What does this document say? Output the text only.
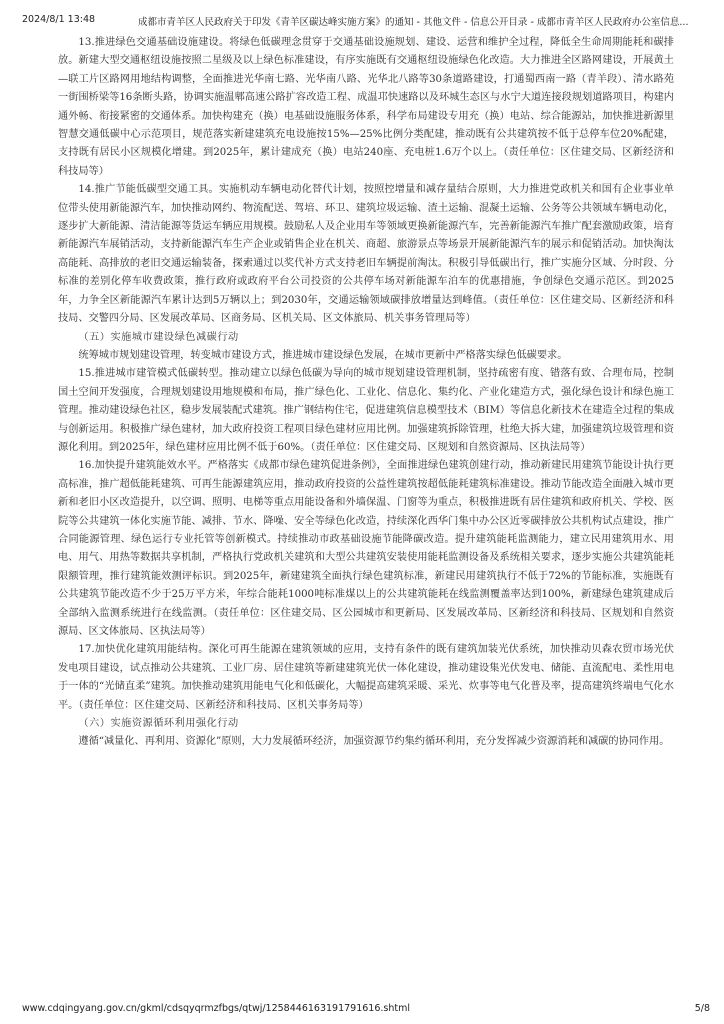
2024/8/1 13:48	成都市青羊区人民政府关于印发《青羊区碳达峰实施方案》的通知 - 其他文件 - 信息公开目录 - 成都市青羊区人民政府办公室信息...

13.推进绿色交通基础设施建设。将绿色低碳理念贯穿于交通基础设施规划、建设、运营和维护全过程，降低全生命周期能耗和碳排放。新建大型交通枢纽设施按照二星级及以上绿色标准建设，有序实施既有交通枢纽设施绿色化改造。大力推进全区路网建设，开展黄土—联工片区路网用地结构调整，全面推进光华南七路、光华南八路、光华北八路等30条道路建设，打通蜀西南一路（青羊段）、清水路苑一街围桥梁等16条断头路，协调实施温郫高速公路扩容改造工程、成温邛快速路以及环城生态区与水宁大道连接段规划道路项目，构建内通外畅、衔接紧密的交通体系。加快构建充（换）电基础设施服务体系，科学布局建设专用充（换）电站、综合能源站，加快推进新源里智慧交通低碳中心示范项目，规范落实新建建筑充电设施按15%—25%比例分类配建，推动既有公共建筑按不低于总停车位20%配建，支持既有居民小区规模化增建。到2025年，累计建成充（换）电站240座、充电桩1.6万个以上。（责任单位：区住建交局、区新经济和科技局等）

14.推广节能低碳型交通工具。实施机动车辆电动化替代计划，按照控增量和减存量结合原则，大力推进党政机关和国有企业事业单位带头使用新能源汽车，加快推动网约、物流配送、驾培、环卫、建筑垃圾运输、渣土运输、混凝土运输、公务等公共领域车辆电动化，逐步扩大新能源、清洁能源等货运车辆应用规模。鼓励私人及企业用车等领域更换新能源汽车，完善新能源汽车推广配套激励政策，培育新能源汽车展销活动，支持新能源汽车生产企业或销售企业在机关、商超、旅游景点等场景开展新能源汽车的展示和促销活动。加快淘汰高能耗、高排放的老旧交通运输装备，探索通过以奖代补方式支持老旧车辆提前淘汰。积极引导低碳出行，推广实施分区域、分时段、分标准的差别化停车收费政策，推行政府或政府平台公司投资的公共停车场对新能源车泊车的优惠措施，争创绿色交通示范区。到2025年，力争全区新能源汽车累计达到5万辆以上；到2030年，交通运输领域碳排放增量达到峰值。（责任单位：区住建交局、区新经济和科技局、交警四分局、区发展改革局、区商务局、区机关局、区文体旅局、机关事务管理局等）

（五）实施城市建设绿色减碳行动

统筹城市规划建设管理，转变城市建设方式，推进城市建设绿色发展，在城市更新中严格落实绿色低碳要求。

15.推进城市建管模式低碳转型。推动建立以绿色低碳为导向的城市规划建设管理机制，坚持疏密有度、错落有致、合理布局，控制国土空间开发强度，合理规划建设用地规模和布局，推广绿色化、工业化、信息化、集约化、产业化建造方式，强化绿色设计和绿色施工管理。推动建设绿色社区，稳步发展装配式建筑。推广钢结构住宅，促进建筑信息模型技术（BIM）等信息化新技术在建造全过程的集成与创新运用。积极推广绿色建材，加大政府投资工程项目绿色建材应用比例。加强建筑拆除管理，杜绝大拆大建，加强建筑垃圾管理和资源化利用。到2025年，绿色建材应用比例不低于60%。（责任单位：区住建交局、区规划和自然资源局、区执法局等）

16.加快提升建筑能效水平。严格落实《成都市绿色建筑促进条例》，全面推进绿色建筑创建行动，推动新建民用建筑节能设计执行更高标准，推广超低能耗建筑、可再生能源建筑应用，推动政府投资的公益性建筑按超低能耗建筑标准建设。推动节能改造全面融入城市更新和老旧小区改造提升，以空调、照明、电梯等重点用能设备和外墙保温、门窗等为重点，积极推进既有居住建筑和政府机关、学校、医院等公共建筑一体化实施节能、减排、节水、降噪、安全等绿色化改造，持续深化西华门集中办公区近零碳排放公共机构试点建设，推广合同能源管理、绿色运行专业托管等创新模式。持续推动市政基础设施节能降碳改造。提升建筑能耗监测能力，建立民用建筑用水、用电、用气、用热等数据共享机制，严格执行党政机关建筑和大型公共建筑安装使用能耗监测设备及系统相关要求，逐步实施公共建筑能耗限额管理，推行建筑能效测评标识。到2025年，新建建筑全面执行绿色建筑标准，新建民用建筑执行不低于72%的节能标准，实施既有公共建筑节能改造不少于25万平方米，年综合能耗1000吨标准煤以上的公共建筑能耗在线监测覆盖率达到100%，新建绿色建筑建成后全部纳入监测系统进行在线监测。（责任单位：区住建交局、区公园城市和更新局、区发展改革局、区新经济和科技局、区规划和自然资源局、区文体旅局、区执法局等）

17.加快优化建筑用能结构。深化可再生能源在建筑领域的应用，支持有条件的既有建筑加装光伏系统，加快推动贝森农贸市场光伏发电项目建设，试点推动公共建筑、工业厂房、居住建筑等新建建筑光伏一体化建设，推动建设集光伏发电、储能、直流配电、柔性用电于一体的“光储直柔”建筑。加快推动建筑用能电气化和低碳化，大幅提高建筑采暖、采光、炊事等电气化普及率，提高建筑终端电气化水平。（责任单位：区住建交局、区新经济和科技局、区机关事务局等）

（六）实施资源循环利用强化行动

遵循“减量化、再利用、资源化”原则，大力发展循环经济，加强资源节约集约循环利用，充分发挥减少资源消耗和减碳的协同作用。

www.cdqingyang.gov.cn/gkml/cdsqyqrmzfbgs/qtwj/1258446163191791616.shtml	5/8
